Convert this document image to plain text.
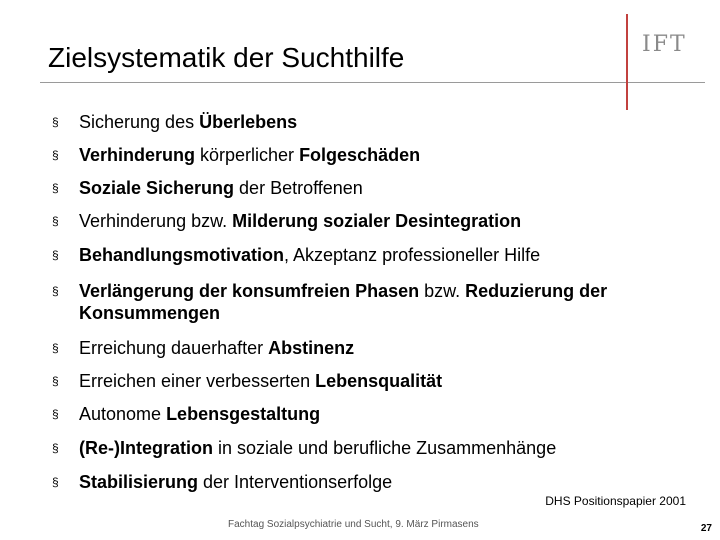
Zielsystematik der Suchthilfe	IFT
§	Sicherung des Überlebens
§	Verhinderung körperlicher Folgeschäden
§	Soziale Sicherung der Betroffenen
§	Verhinderung bzw. Milderung sozialer Desintegration
§	Behandlungsmotivation, Akzeptanz professioneller Hilfe
§	Verlängerung der konsumfreien Phasen bzw. Reduzierung der Konsummengen
§	Erreichung dauerhafter Abstinenz
§	Erreichen einer verbesserten Lebensqualität
§	Autonome Lebensgestaltung
§	(Re-)Integration in soziale und berufliche Zusammenhänge
§	Stabilisierung der Interventionserfolge
DHS Positionspapier 2001
Fachtag Sozialpsychiatrie und Sucht, 9. März Pirmasens	27
